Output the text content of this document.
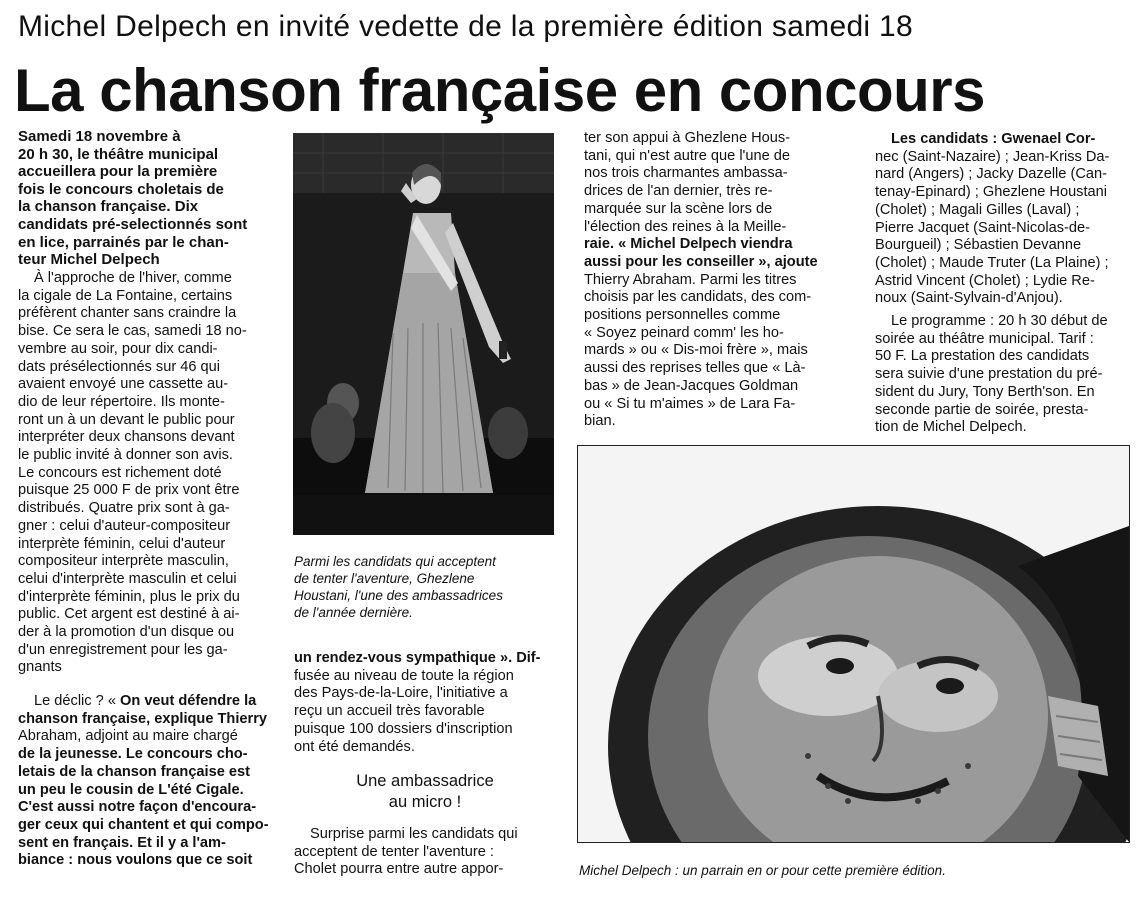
Michel Delpech en invité vedette de la première édition samedi 18
La chanson française en concours
Samedi 18 novembre à
20 h 30, le théâtre municipal
accueillera pour la première
fois le concours choletais de
la chanson française. Dix
candidats pré-selectionnés sont
en lice, parrainés par le chan-
teur Michel Delpech
À l'approche de l'hiver, comme
la cigale de La Fontaine, certains
préfèrent chanter sans craindre la
bise. Ce sera le cas, samedi 18 no-
vembre au soir, pour dix candi-
dats présélectionnés sur 46 qui
avaient envoyé une cassette au-
dio de leur répertoire. Ils monte-
ront un à un devant le public pour
interpréter deux chansons devant
le public invité à donner son avis.
Le concours est richement doté
puisque 25 000 F de prix vont être
distribués. Quatre prix sont à ga-
gner : celui d'auteur-compositeur
interprète féminin, celui d'auteur
compositeur interprète masculin,
celui d'interprète masculin et celui
d'interprète féminin, plus le prix du
public. Cet argent est destiné à ai-
der à la promotion d'un disque ou
d'un enregistrement pour les ga-
gnants
Le déclic ? « On veut défendre la
chanson française, explique Thierry
Abraham, adjoint au maire chargé
de la jeunesse. Le concours cho-
letais de la chanson française est
un peu le cousin de L'été Cigale.
C'est aussi notre façon d'encoura-
ger ceux qui chantent et qui compo-
sent en français. Et il y a l'am-
biance : nous voulons que ce soit
Parmi les candidats qui acceptent
de tenter l'aventure, Ghezlene
Houstani, l'une des ambassadrices
de l'année dernière.
un rendez-vous sympathique ». Dif-
fusée au niveau de toute la région
des Pays-de-la-Loire, l'initiative a
reçu un accueil très favorable
puisque 100 dossiers d'inscription
ont été demandés.
Une ambassadrice
au micro !
Surprise parmi les candidats qui
acceptent de tenter l'aventure :
Cholet pourra entre autre appor-
ter son appui à Ghezlene Hous-
tani, qui n'est autre que l'une de
nos trois charmantes ambassa-
drices de l'an dernier, très re-
marquée sur la scène lors de
l'élection des reines à la Meille-
raie. « Michel Delpech viendra
aussi pour les conseiller », ajoute
Thierry Abraham. Parmi les titres
choisis par les candidats, des com-
positions personnelles comme
« Soyez peinard comm' les ho-
mards » ou « Dis-moi frère », mais
aussi des reprises telles que « Là-
bas » de Jean-Jacques Goldman
ou « Si tu m'aimes » de Lara Fa-
bian.
Les candidats : Gwenael Cor-
nec (Saint-Nazaire) ; Jean-Kriss Da-
nard (Angers) ; Jacky Dazelle (Can-
tenay-Epinard) ; Ghezlene Houstani
(Cholet) ; Magali Gilles (Laval) ;
Pierre Jacquet (Saint-Nicolas-de-
Bourgueil) ; Sébastien Devanne
(Cholet) ; Maude Truter (La Plaine) ;
Astrid Vincent (Cholet) ; Lydie Re-
noux (Saint-Sylvain-d'Anjou).
Le programme : 20 h 30 début de
soirée au théâtre municipal. Tarif :
50 F. La prestation des candidats
sera suivie d'une prestation du pré-
sident du Jury, Tony Berth'son. En
seconde partie de soirée, presta-
tion de Michel Delpech.
Michel Delpech : un parrain en or pour cette première édition.
